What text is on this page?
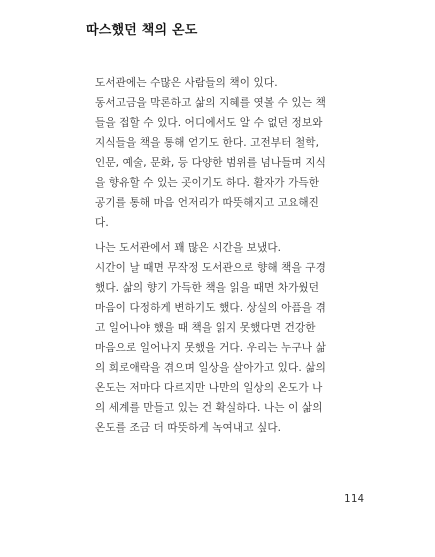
따스했던 책의 온도
도서관에는 수많은 사람들의 책이 있다.
동서고금을 막론하고 삶의 지혜를 엿볼 수 있는 책
들을 접할 수 있다. 어디에서도 알 수 없던 정보와
지식들을 책을 통해 얻기도 한다. 고전부터 철학,
인문, 예술, 문화, 등 다양한 범위를 넘나들며 지식
을 향유할 수 있는 곳이기도 하다. 활자가 가득한
공기를 통해 마음 언저리가 따뜻해지고 고요해진
다.
나는 도서관에서 꽤 많은 시간을 보냈다.
시간이 날 때면 무작정 도서관으로 향해 책을 구경
했다. 삶의 향기 가득한 책을 읽을 때면 차가웠던
마음이 다정하게 변하기도 했다. 상실의 아픔을 겪
고 일어나야 했을 때 책을 읽지 못했다면 건강한
마음으로 일어나지 못했을 거다. 우리는 누구나 삶
의 희로애락을 겪으며 일상을 살아가고 있다. 삶의
온도는 저마다 다르지만 나만의 일상의 온도가 나
의 세계를 만들고 있는 건 확실하다. 나는 이 삶의
온도를 조금 더 따뜻하게 녹여내고 싶다.
114
